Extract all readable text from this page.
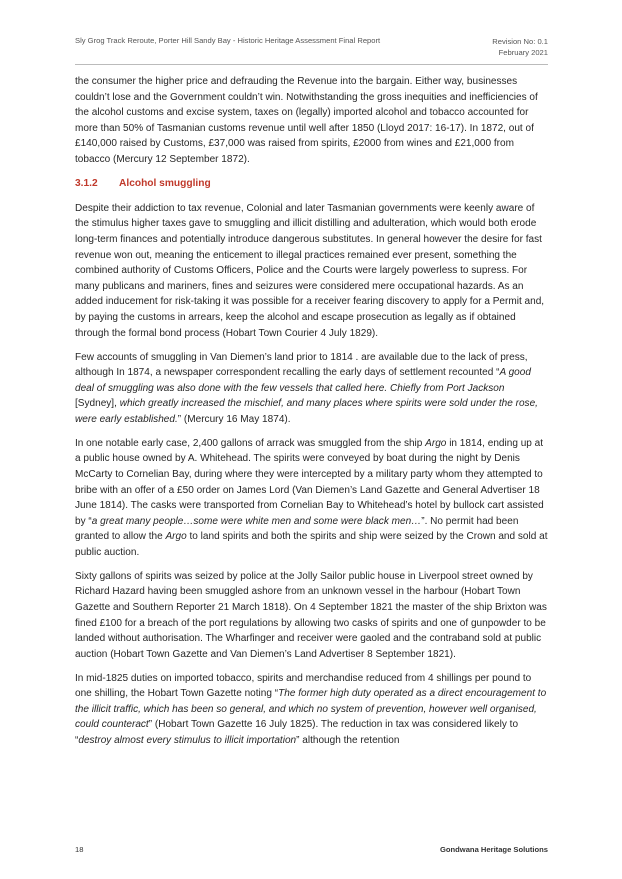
Sly Grog Track Reroute, Porter Hill Sandy Bay - Historic Heritage Assessment Final Report	Revision No: 0.1
February 2021

the consumer the higher price and defrauding the Revenue into the bargain. Either way, businesses couldn’t lose and the Government couldn’t win. Notwithstanding the gross inequities and inefficiencies of the alcohol customs and excise system, taxes on (legally) imported alcohol and tobacco accounted for more than 50% of Tasmanian customs revenue until well after 1850 (Lloyd 2017: 16-17). In 1872, out of £140,000 raised by Customs, £37,000 was raised from spirits, £2000 from wines and £21,000 from tobacco (Mercury 12 September 1872).

3.1.2 Alcohol smuggling

Despite their addiction to tax revenue, Colonial and later Tasmanian governments were keenly aware of the stimulus higher taxes gave to smuggling and illicit distilling and adulteration, which would both erode long-term finances and potentially introduce dangerous substitutes. In general however the desire for fast revenue won out, meaning the enticement to illegal practices remained ever present, something the combined authority of Customs Officers, Police and the Courts were largely powerless to supress. For many publicans and mariners, fines and seizures were considered mere occupational hazards. As an added inducement for risk-taking it was possible for a receiver fearing discovery to apply for a Permit and, by paying the customs in arrears, keep the alcohol and escape prosecution as legally as if obtained through the formal bond process (Hobart Town Courier 4 July 1829).

Few accounts of smuggling in Van Diemen’s land prior to 1814 . are available due to the lack of press, although In 1874, a newspaper correspondent recalling the early days of settlement recounted “A good deal of smuggling was also done with the few vessels that called here. Chiefly from Port Jackson [Sydney], which greatly increased the mischief, and many places where spirits were sold under the rose, were early established.” (Mercury 16 May 1874).

In one notable early case, 2,400 gallons of arrack was smuggled from the ship Argo in 1814, ending up at a public house owned by A. Whitehead. The spirits were conveyed by boat during the night by Denis McCarty to Cornelian Bay, during where they were intercepted by a military party whom they attempted to bribe with an offer of a £50 order on James Lord (Van Diemen’s Land Gazette and General Advertiser 18 June 1814). The casks were transported from Cornelian Bay to Whitehead’s hotel by bullock cart assisted by “a great many people…some were white men and some were black men…”. No permit had been granted to allow the Argo to land spirits and both the spirits and ship were seized by the Crown and sold at public auction.

Sixty gallons of spirits was seized by police at the Jolly Sailor public house in Liverpool street owned by Richard Hazard having been smuggled ashore from an unknown vessel in the harbour (Hobart Town Gazette and Southern Reporter 21 March 1818). On 4 September 1821 the master of the ship Brixton was fined £100 for a breach of the port regulations by allowing two casks of spirits and one of gunpowder to be landed without authorisation. The Wharfinger and receiver were gaoled and the contraband sold at public auction (Hobart Town Gazette and Van Diemen’s Land Advertiser 8 September 1821).

In mid-1825 duties on imported tobacco, spirits and merchandise reduced from 4 shillings per pound to one shilling, the Hobart Town Gazette noting “The former high duty operated as a direct encouragement to the illicit traffic, which has been so general, and which no system of prevention, however well organised, could counteract” (Hobart Town Gazette 16 July 1825). The reduction in tax was considered likely to “destroy almost every stimulus to illicit importation” although the retention

18	Gondwana Heritage Solutions
